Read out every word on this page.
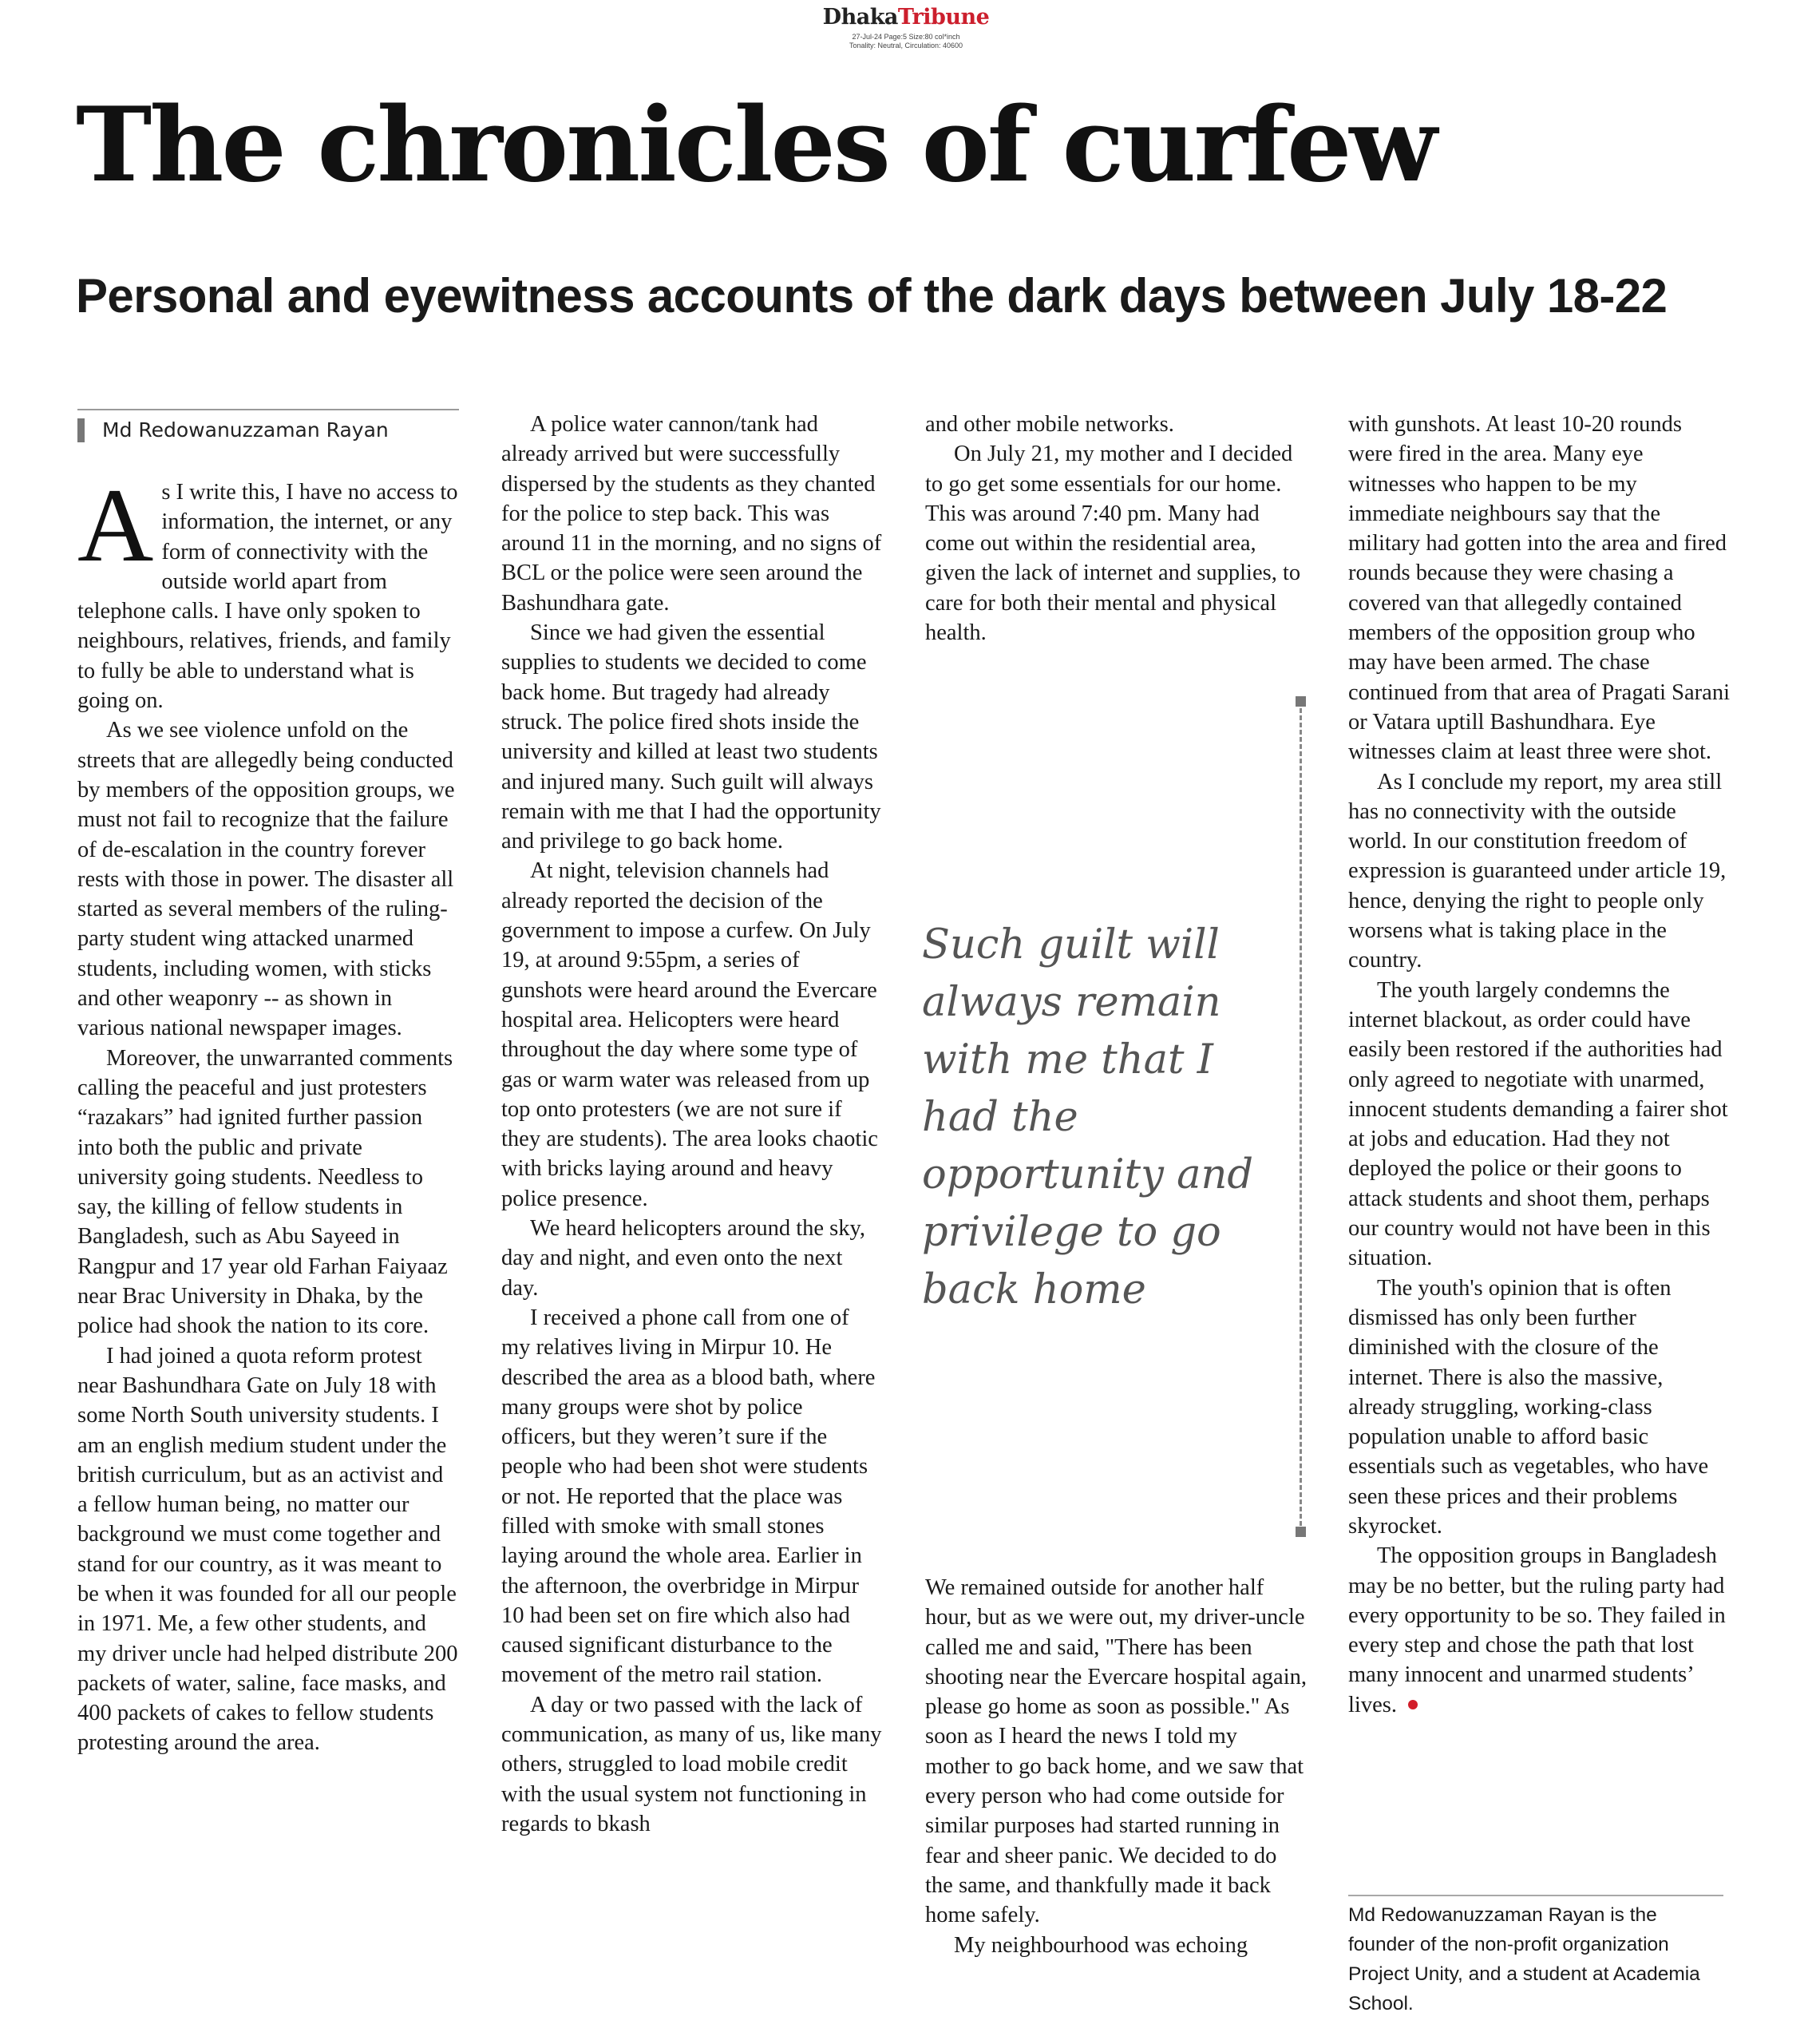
DhakaTribune
27-Jul-24 Page:5 Size:80 col*inch
Tonality: Neutral, Circulation: 40600
The chronicles of curfew
Personal and eyewitness accounts of the dark days between July 18-22
Md Redowanuzzaman Rayan

As I write this, I have no access to information, the internet, or any form of connectivity with the outside world apart from telephone calls. I have only spoken to neighbours, relatives, friends, and family to fully be able to understand what is going on.

As we see violence unfold on the streets that are allegedly being conducted by members of the opposition groups, we must not fail to recognize that the failure of de-escalation in the country forever rests with those in power. The disaster all started as several members of the ruling-party student wing attacked unarmed students, including women, with sticks and other weaponry -- as shown in various national newspaper images.

Moreover, the unwarranted comments calling the peaceful and just protesters “razakars” had ignited further passion into both the public and private university going students. Needless to say, the killing of fellow students in Bangladesh, such as Abu Sayeed in Rangpur and 17 year old Farhan Faiyaaz near Brac University in Dhaka, by the police had shook the nation to its core.

I had joined a quota reform protest near Bashundhara Gate on July 18 with some North South university students. I am an english medium student under the british curriculum, but as an activist and a fellow human being, no matter our background we must come together and stand for our country, as it was meant to be when it was founded for all our people in 1971. Me, a few other students, and my driver uncle had helped distribute 200 packets of water, saline, face masks, and 400 packets of cakes to fellow students protesting around the area.

A police water cannon/tank had already arrived but were successfully dispersed by the students as they chanted for the police to step back. This was around 11 in the morning, and no signs of BCL or the police were seen around the Bashundhara gate.

Since we had given the essential supplies to students we decided to come back home. But tragedy had already struck. The police fired shots inside the university and killed at least two students and injured many. Such guilt will always remain with me that I had the opportunity and privilege to go back home.

At night, television channels had already reported the decision of the government to impose a curfew. On July 19, at around 9:55pm, a series of gunshots were heard around the Evercare hospital area. Helicopters were heard throughout the day where some type of gas or warm water was released from up top onto protesters (we are not sure if they are students). The area looks chaotic with bricks laying around and heavy police presence.

We heard helicopters around the sky, day and night, and even onto the next day.

I received a phone call from one of my relatives living in Mirpur 10. He described the area as a blood bath, where many groups were shot by police officers, but they weren’t sure if the people who had been shot were students or not. He reported that the place was filled with smoke with small stones laying around the whole area. Earlier in the afternoon, the overbridge in Mirpur 10 had been set on fire which also had caused significant disturbance to the movement of the metro rail station.

A day or two passed with the lack of communication, as many of us, like many others, struggled to load mobile credit with the usual system not functioning in regards to bkash

and other mobile networks.

On July 21, my mother and I decided to go get some essentials for our home. This was around 7:40 pm. Many had come out within the residential area, given the lack of internet and supplies, to care for both their mental and physical health.

Such guilt will always remain with me that I had the opportunity and privilege to go back home

We remained outside for another half hour, but as we were out, my driver-uncle called me and said, "There has been shooting near the Evercare hospital again, please go home as soon as possible." As soon as I heard the news I told my mother to go back home, and we saw that every person who had come outside for similar purposes had started running in fear and sheer panic. We decided to do the same, and thankfully made it back home safely.

My neighbourhood was echoing

with gunshots. At least 10-20 rounds were fired in the area. Many eye witnesses who happen to be my immediate neighbours say that the military had gotten into the area and fired rounds because they were chasing a covered van that allegedly contained members of the opposition group who may have been armed. The chase continued from that area of Pragati Sarani or Vatara uptill Bashundhara. Eye witnesses claim at least three were shot.

As I conclude my report, my area still has no connectivity with the outside world. In our constitution freedom of expression is guaranteed under article 19, hence, denying the right to people only worsens what is taking place in the country.

The youth largely condemns the internet blackout, as order could have easily been restored if the authorities had only agreed to negotiate with unarmed, innocent students demanding a fairer shot at jobs and education. Had they not deployed the police or their goons to attack students and shoot them, perhaps our country would not have been in this situation.

The youth's opinion that is often dismissed has only been further diminished with the closure of the internet. There is also the massive, already struggling, working-class population unable to afford basic essentials such as vegetables, who have seen these prices and their problems skyrocket.

The opposition groups in Bangladesh may be no better, but the ruling party had every opportunity to be so. They failed in every step and chose the path that lost many innocent and unarmed students’ lives.

Md Redowanuzzaman Rayan is the founder of the non-profit organization Project Unity, and a student at Academia School.
